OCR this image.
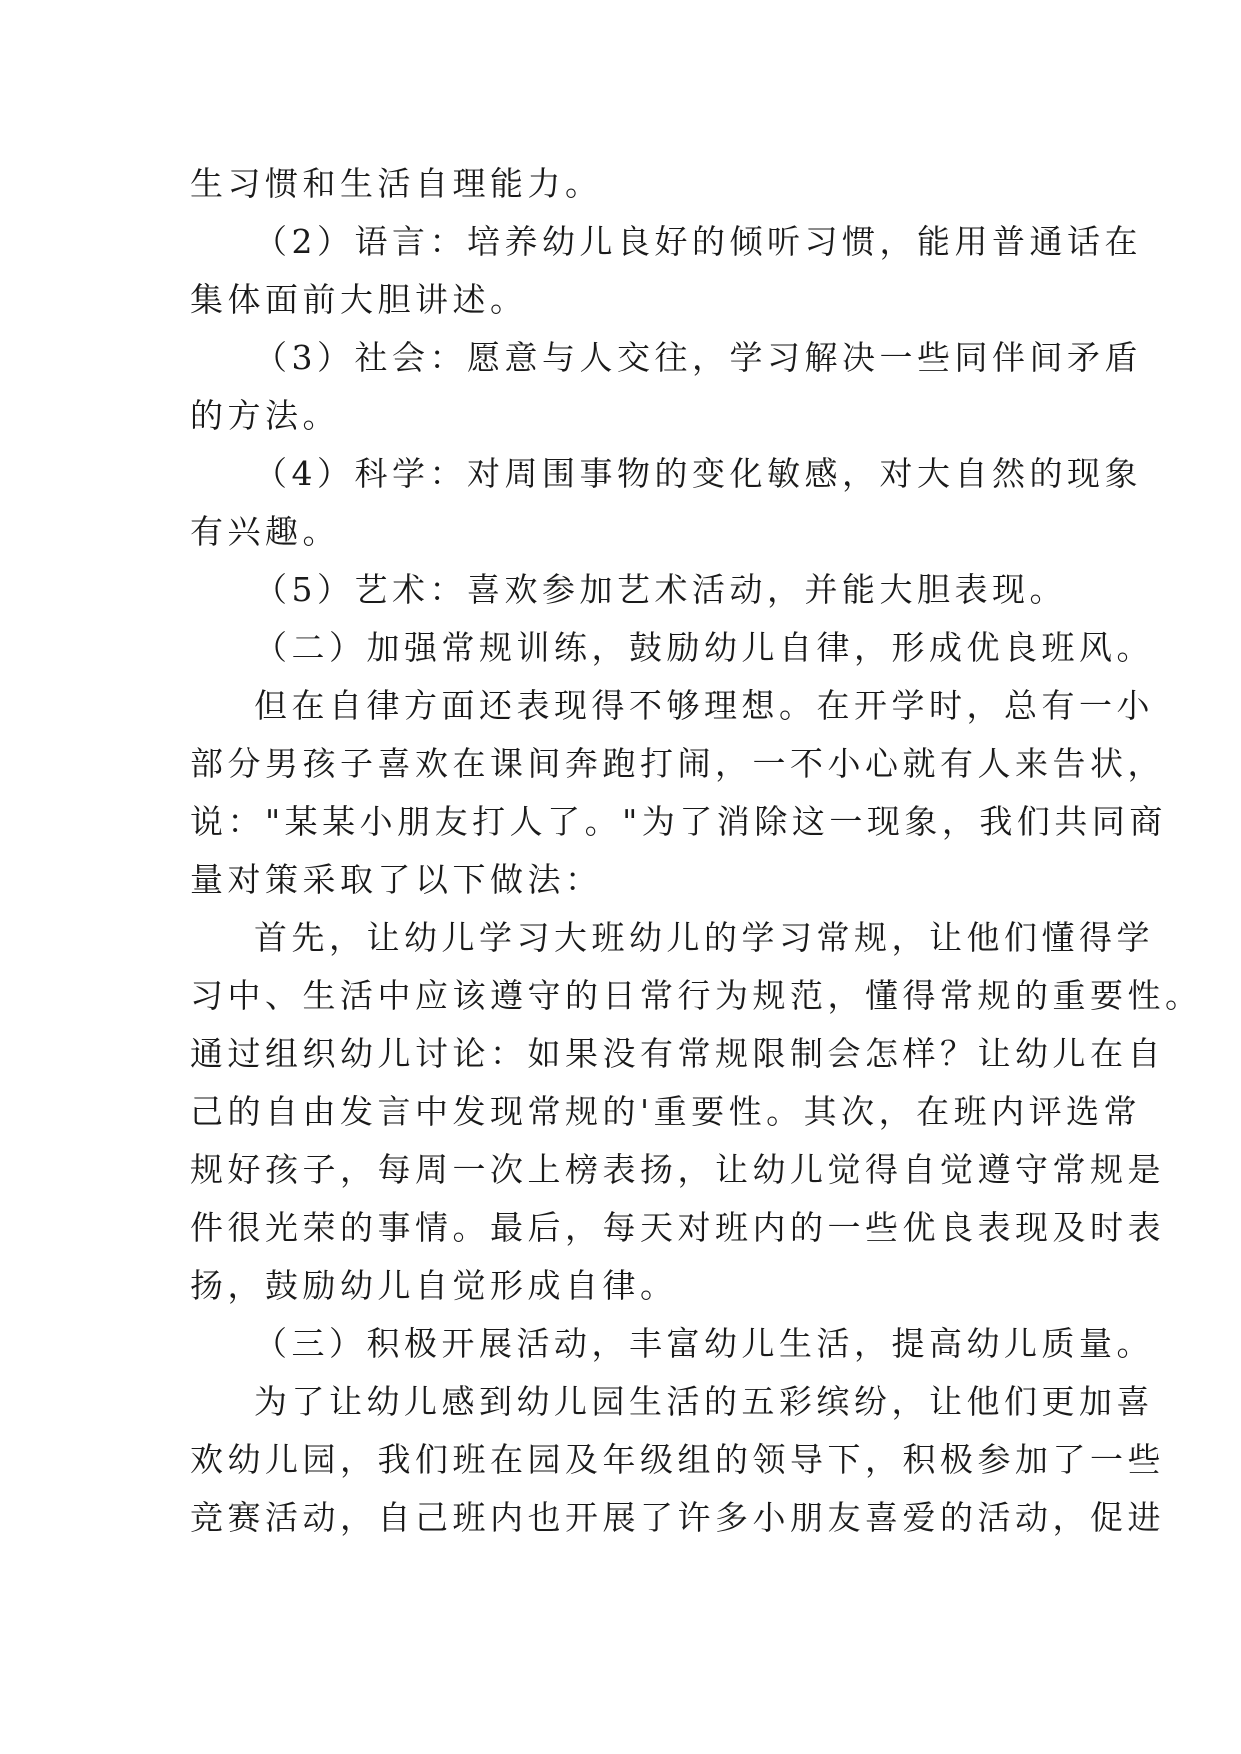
生习惯和生活自理能力。
（2）语言：培养幼儿良好的倾听习惯，能用普通话在
集体面前大胆讲述。
（3）社会：愿意与人交往，学习解决一些同伴间矛盾
的方法。
（4）科学：对周围事物的变化敏感，对大自然的现象
有兴趣。
（5）艺术：喜欢参加艺术活动，并能大胆表现。
（二）加强常规训练，鼓励幼儿自律，形成优良班风。
但在自律方面还表现得不够理想。在开学时，总有一小
部分男孩子喜欢在课间奔跑打闹，一不小心就有人来告状，
说："某某小朋友打人了。"为了消除这一现象，我们共同商
量对策采取了以下做法：
首先，让幼儿学习大班幼儿的学习常规，让他们懂得学
习中、生活中应该遵守的日常行为规范，懂得常规的重要性。
通过组织幼儿讨论：如果没有常规限制会怎样？让幼儿在自
己的自由发言中发现常规的'重要性。其次，在班内评选常
规好孩子，每周一次上榜表扬，让幼儿觉得自觉遵守常规是
件很光荣的事情。最后，每天对班内的一些优良表现及时表
扬，鼓励幼儿自觉形成自律。
（三）积极开展活动，丰富幼儿生活，提高幼儿质量。
为了让幼儿感到幼儿园生活的五彩缤纷，让他们更加喜
欢幼儿园，我们班在园及年级组的领导下，积极参加了一些
竞赛活动，自己班内也开展了许多小朋友喜爱的活动，促进
